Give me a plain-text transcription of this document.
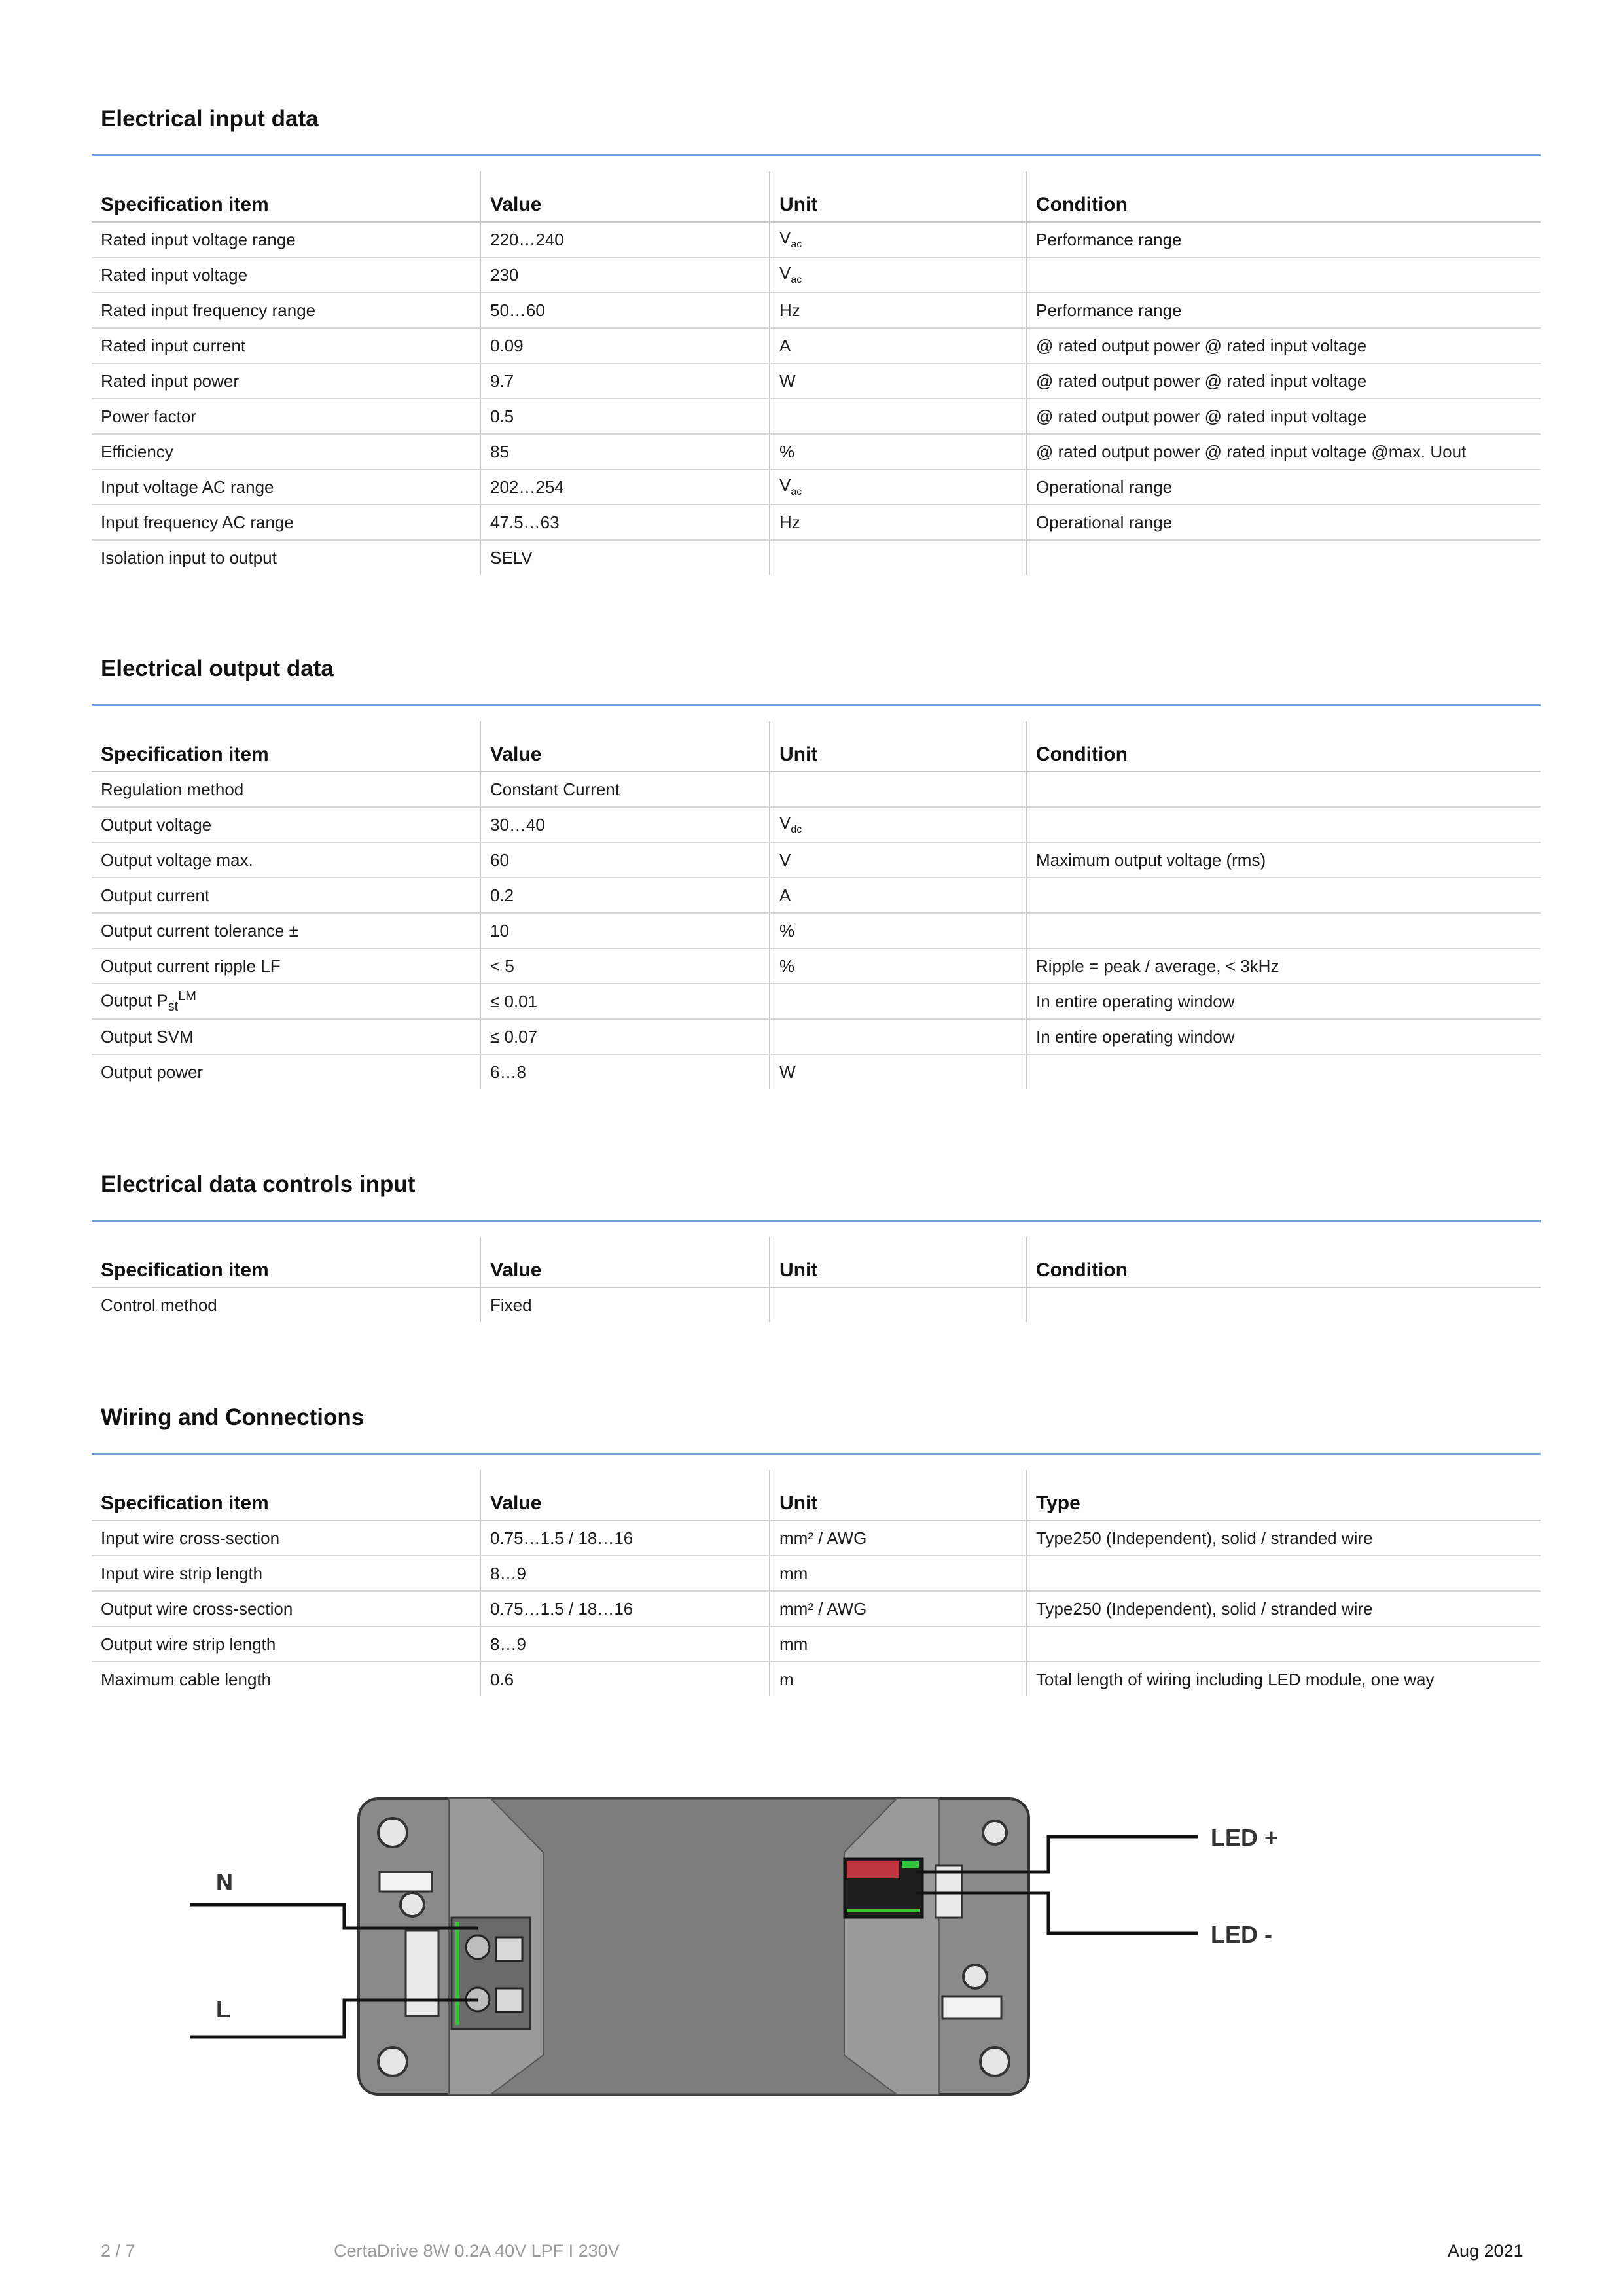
Electrical input data
Specification item	Value	Unit	Condition
Rated input voltage range	220…240	$V_{ac}$	Performance range
Rated input voltage	230	$V_{ac}$	
Rated input frequency range	50…60	Hz	Performance range
Rated input current	0.09	A	@ rated output power @ rated input voltage
Rated input power	9.7	W	@ rated output power @ rated input voltage
Power factor	0.5		@ rated output power @ rated input voltage
Efficiency	85	%	@ rated output power @ rated input voltage @max. Uout
Input voltage AC range	202…254	$V_{ac}$	Operational range
Input frequency AC range	47.5…63	Hz	Operational range
Isolation input to output	SELV		
Electrical output data
Specification item	Value	Unit	Condition
Regulation method	Constant Current		
Output voltage	30…40	$V_{dc}$	
Output voltage max.	60	V	Maximum output voltage (rms)
Output current	0.2	A	
Output current tolerance ±	10	%	
Output current ripple LF	< 5	%	Ripple = peak / average, < 3kHz
Output $P_{st}^{LM}$	≤ 0.01		In entire operating window
Output SVM	≤ 0.07		In entire operating window
Output power	6…8	W	
Electrical data controls input
Specification item	Value	Unit	Condition
Control method	Fixed		
Wiring and Connections
Specification item	Value	Unit	Type
Input wire cross-section	0.75…1.5 / 18…16	mm² / AWG	Type250 (Independent), solid / stranded wire
Input wire strip length	8…9	mm	
Output wire cross-section	0.75…1.5 / 18…16	mm² / AWG	Type250 (Independent), solid / stranded wire
Output wire strip length	8…9	mm	
Maximum cable length	0.6	m	Total length of wiring including LED module, one way
N
L
LED +
LED -
2 / 7	CertaDrive 8W 0.2A 40V LPF I 230V	Aug 2021
